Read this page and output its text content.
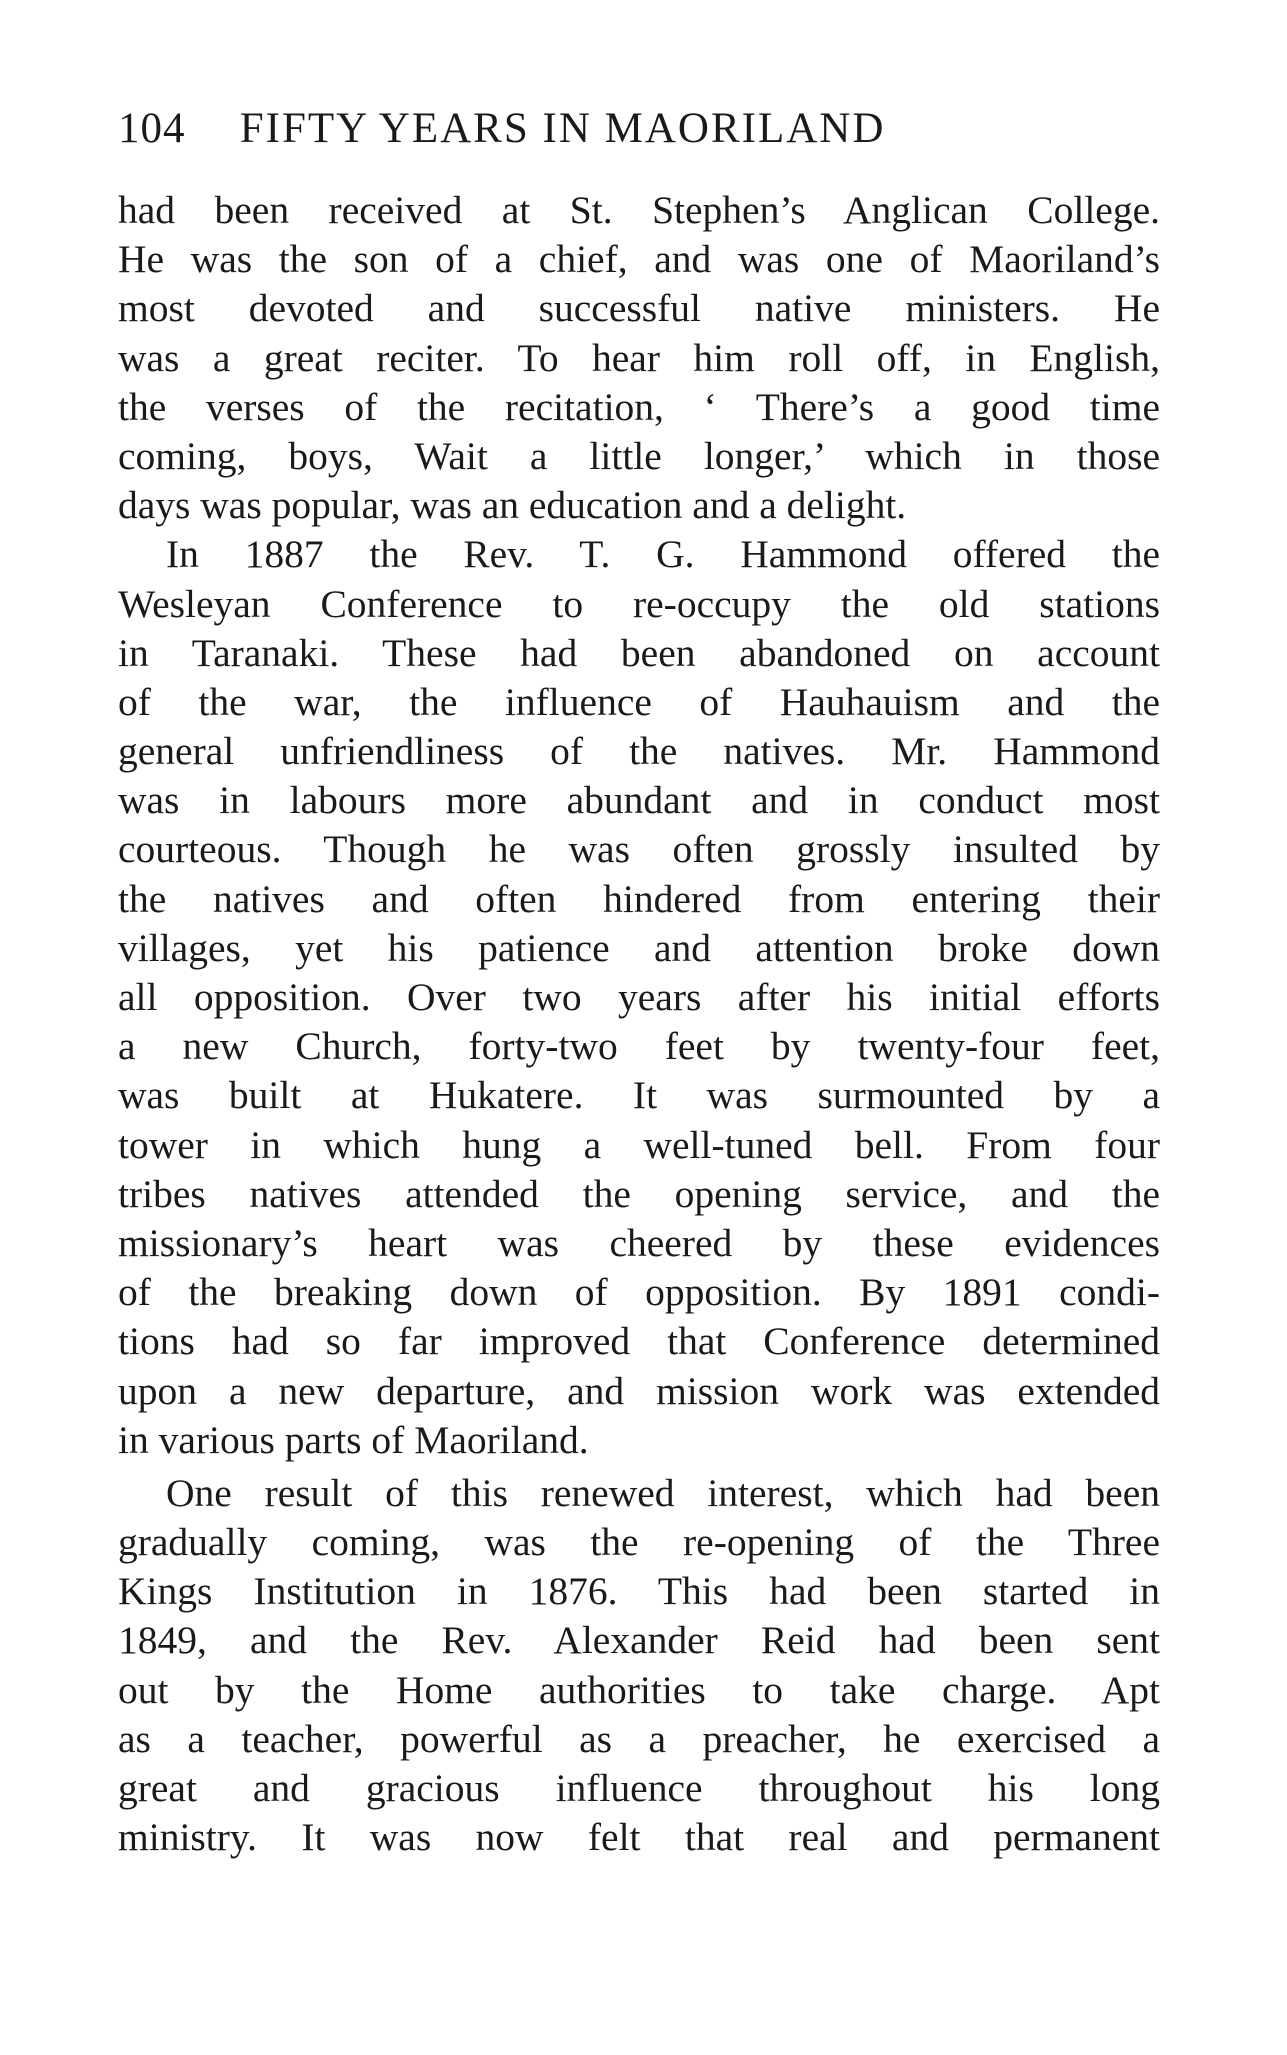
104 FIFTY YEARS IN MAORILAND
had been received at St. Stephen’s Anglican College.
He was the son of a chief, and was one of Maoriland’s
most devoted and successful native ministers. He
was a great reciter. To hear him roll off, in English,
the verses of the recitation, ‘ There’s a good time
coming, boys, Wait a little longer,’ which in those
days was popular, was an education and a delight.
In 1887 the Rev. T. G. Hammond offered the
Wesleyan Conference to re-occupy the old stations
in Taranaki. These had been abandoned on account
of the war, the influence of Hauhauism and the
general unfriendliness of the natives. Mr. Hammond
was in labours more abundant and in conduct most
courteous. Though he was often grossly insulted by
the natives and often hindered from entering their
villages, yet his patience and attention broke down
all opposition. Over two years after his initial efforts
a new Church, forty-two feet by twenty-four feet,
was built at Hukatere. It was surmounted by a
tower in which hung a well-tuned bell. From four
tribes natives attended the opening service, and the
missionary’s heart was cheered by these evidences
of the breaking down of opposition. By 1891 condi-
tions had so far improved that Conference determined
upon a new departure, and mission work was extended
in various parts of Maoriland.
One result of this renewed interest, which had been
gradually coming, was the re-opening of the Three
Kings Institution in 1876. This had been started in
1849, and the Rev. Alexander Reid had been sent
out by the Home authorities to take charge. Apt
as a teacher, powerful as a preacher, he exercised a
great and gracious influence throughout his long
ministry. It was now felt that real and permanent
